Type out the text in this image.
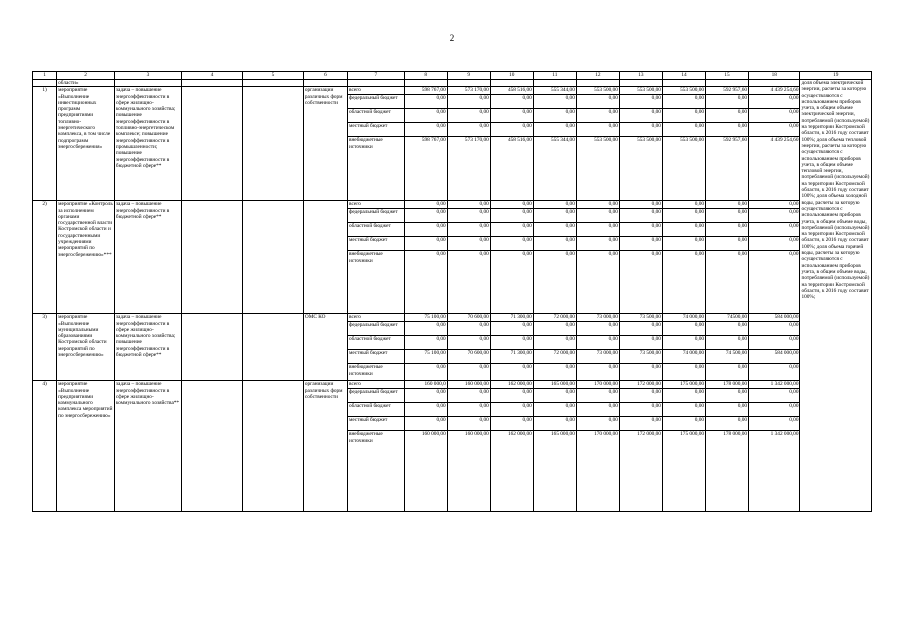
2
1	2	3	4	5	6	7	8	9	10	11	12	13	14	15	18	19
	области»															доля объема электрической энергии, расчеты за которую осуществляются с использованием приборов учета, в общем объеме электрической энергии, потребляемой (используемой) на территории Костромской области, к 2016 году составит 100%; доля объема тепловой энергии, расчеты за которую осуществляются с использованием приборов учета, в общем объеме тепловой энергии, потребляемой (используемой) на территории Костромской области, к 2016 году составит 100%; доля объема холодной воды, расчеты за которую осуществляются с использованием приборов учета, в общем объеме воды, потребляемой (используемой) на территории Костромской области, к 2016 году составит 100%; доля объема горячей воды, расчеты за которую осуществляются с использованием приборов учета, в общем объеме воды, потребляемой (используемой) на территории Костромской области, к 2016 году составит 100%;
1)	мероприятие «Выполнение инвестиционных программ предприятиями топливно-энергетического комплекса, в том числе подпрограмм энергосбережения»	задача – повышение энергоэффективности в сфере жилищно-коммунального хозяйства; повышение энергоэффективности в топливно-энергетическом комплексе; повышение энергоэффективности в промышленности; повышение энергоэффективности в бюджетной сфере**			организации различных форм собственности	всего	598 767,00	573 170,00	458 516,00	555 344,00	553 500,00	553 500,00	553 500,00	592 957,60	4 439 254,60	
						федеральный бюджет	0,00	0,00	0,00	0,00	0,00	0,00	0,00	0,00	0,00	
						областной бюджет	0,00	0,00	0,00	0,00	0,00	0,00	0,00	0,00	0,00	
						местный бюджет	0,00	0,00	0,00	0,00	0,00	0,00	0,00	0,00	0,00	
						внебюджетные источники	598 767,00	573 170,00	458 516,00	555 344,00	553 500,00	553 500,00	553 500,00	592 957,60	4 439 254,60	
2)	мероприятие «Контроль за исполнением органами государственной власти Костромской области и государственными учреждениями мероприятий по энергосбережению»***	задача – повышение энергоэффективности в бюджетной сфере**				всего	0,00	0,00	0,00	0,00	0,00	0,00	0,00	0,00	0,00	
						федеральный бюджет	0,00	0,00	0,00	0,00	0,00	0,00	0,00	0,00	0,00	
						областной бюджет	0,00	0,00	0,00	0,00	0,00	0,00	0,00	0,00	0,00	
						местный бюджет	0,00	0,00	0,00	0,00	0,00	0,00	0,00	0,00	0,00	
						внебюджетные источники	0,00	0,00	0,00	0,00	0,00	0,00	0,00	0,00	0,00	
3)	мероприятие «Выполнение муниципальными образованиями Костромской области мероприятий по энергосбережению»	задача – повышение энергоэффективности в сфере жилищно-коммунального хозяйства; повышение энергоэффективности в бюджетной сфере**			ОМС КО	всего	75 100,00	70 600,00	71 300,00	72 000,00	73 000,00	73 500,00	74 000,00	74500,00	584 000,00	
						федеральный бюджет	0,00	0,00	0,00	0,00	0,00	0,00	0,00	0,00	0,00	
						областной бюджет	0,00	0,00	0,00	0,00	0,00	0,00	0,00	0,00	0,00	
						местный бюджет	75 100,00	70 600,00	71 300,00	72 000,00	73 000,00	73 500,00	74 000,00	74 500,00	584 000,00	
						внебюджетные источники	0,00	0,00	0,00	0,00	0,00	0,00	0,00	0,00	0,00	
4)	мероприятие «Выполнение предприятиями коммунального комплекса мероприятий по энергосбережению»	задача – повышение энергоэффективности в сфере жилищно-коммунального хозяйства**			организации различных форм собственности	всего	160 000,0	160 000,00	162 000,00	165 000,00	170 000,00	172 000,00	175 000,00	178 000,00	1 342 000,00	
						федеральный бюджет	0,00	0,00	0,00	0,00	0,00	0,00	0,00	0,00	0,00	
						областной бюджет	0,00	0,00	0,00	0,00	0,00	0,00	0,00	0,00	0,00	
						местный бюджет	0,00	0,00	0,00	0,00	0,00	0,00	0,00	0,00	0,00	
						внебюджетные источники	160 000,00	160 000,00	162 000,00	165 000,00	170 000,00	172 000,00	175 000,00	178 000,00	1 342 000,00	
